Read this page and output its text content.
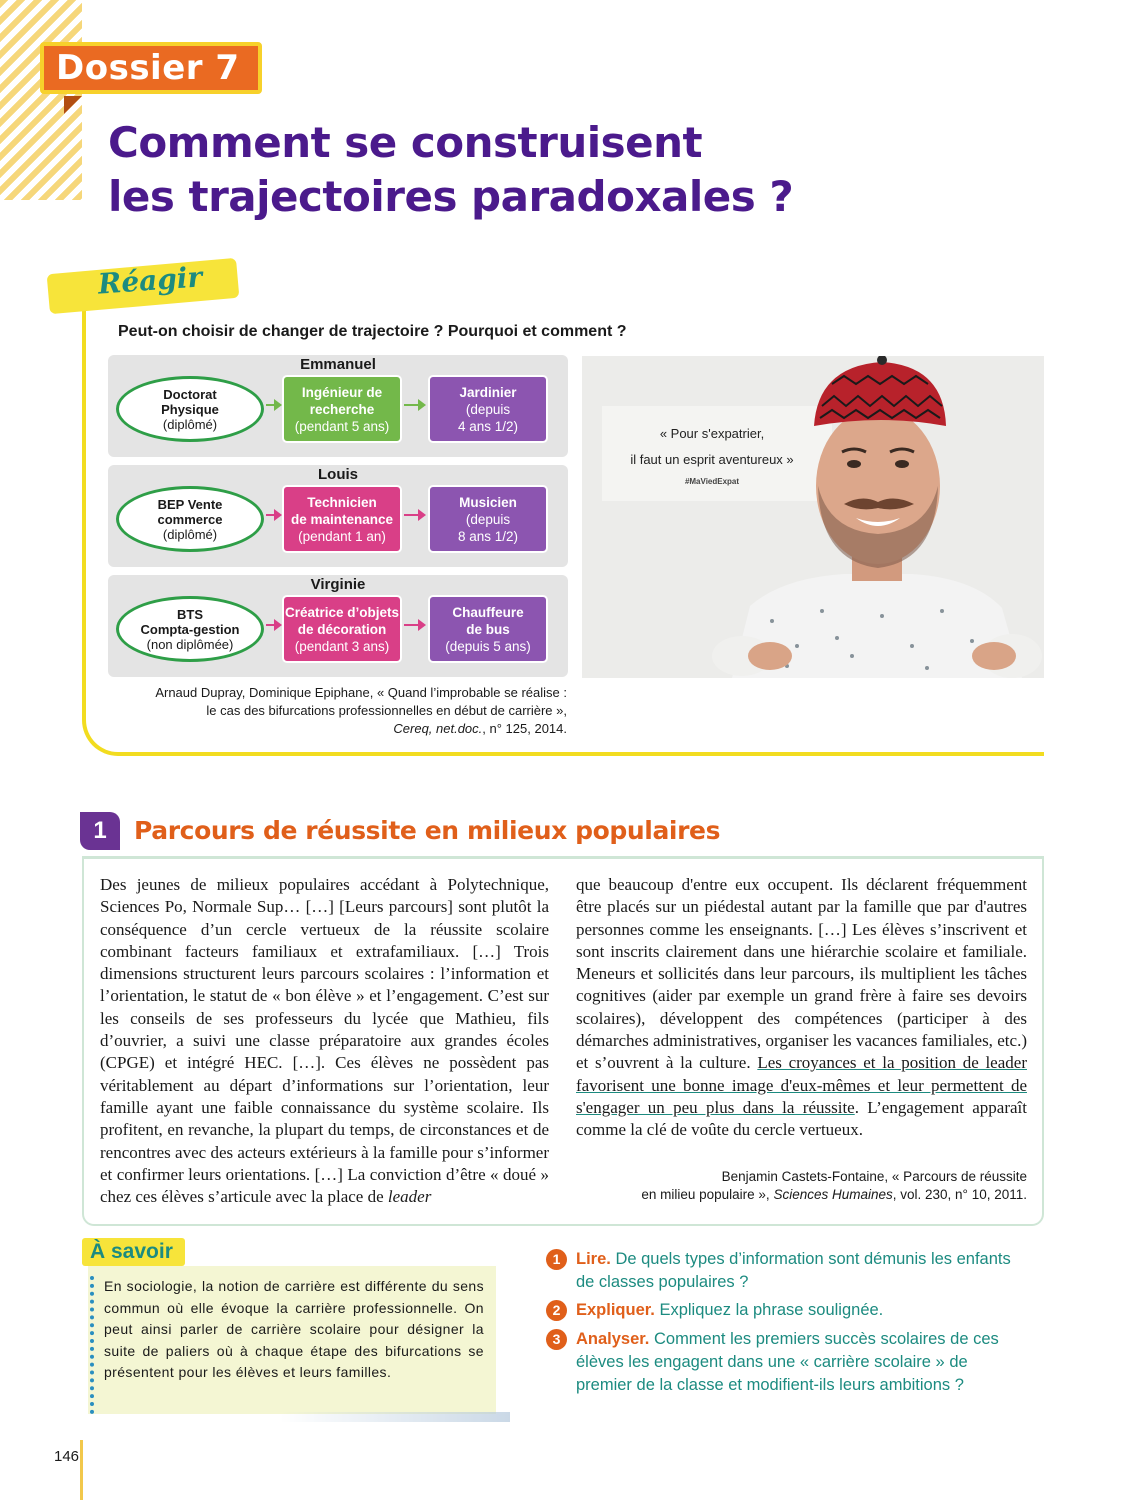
Dossier 7
Comment se construisent
les trajectoires paradoxales ?
Réagir
Peut-on choisir de changer de trajectoire ? Pourquoi et comment ?
Emmanuel
Doctorat
Physique
(diplômé)
Ingénieur de
recherche
(pendant 5 ans)
Jardinier
(depuis
4 ans 1/2)
Louis
BEP Vente
commerce
(diplômé)
Technicien
de maintenance
(pendant 1 an)
Musicien
(depuis
8 ans 1/2)
Virginie
BTS
Compta-gestion
(non diplômée)
Créatrice d’objets
de décoration
(pendant 3 ans)
Chauffeure
de bus
(depuis 5 ans)
Arnaud Dupray, Dominique Epiphane, « Quand l’improbable se réalise :
le cas des bifurcations professionnelles en début de carrière »,
Cereq, net.doc., n° 125, 2014.
« Pour s'expatrier,
il faut un esprit aventureux »
#MaViedExpat
1	Parcours de réussite en milieux populaires
Des jeunes de milieux populaires accédant à Polytechnique, Sciences Po, Normale Sup… […] [Leurs parcours] sont plutôt la conséquence d’un cercle vertueux de la réussite scolaire combinant facteurs familiaux et extrafamiliaux. […] Trois dimensions structurent leurs parcours scolaires : l’information et l’orientation, le statut de « bon élève » et l’engagement. C’est sur les conseils de ses professeurs du lycée que Mathieu, fils d’ouvrier, a suivi une classe préparatoire aux grandes écoles (CPGE) et intégré HEC. […]. Ces élèves ne possèdent pas véritablement au départ d’informations sur l’orientation, leur famille ayant une faible connaissance du système scolaire. Ils profitent, en revanche, la plupart du temps, de circonstances et de rencontres avec des acteurs extérieurs à la famille pour s’informer et confirmer leurs orientations. […] La conviction d’être « doué » chez ces élèves s’articule avec la place de leader
que beaucoup d'entre eux occupent. Ils déclarent fréquemment être placés sur un piédestal autant par la famille que par d'autres personnes comme les enseignants. […] Les élèves s’inscrivent et sont inscrits clairement dans une hiérarchie scolaire et familiale. Meneurs et sollicités dans leur parcours, ils multiplient les tâches cognitives (aider par exemple un grand frère à faire ses devoirs scolaires), développent des compétences (participer à des démarches administratives, organiser les vacances familiales, etc.) et s’ouvrent à la culture. Les croyances et la position de leader favorisent une bonne image d'eux-mêmes et leur permettent de s'engager un peu plus dans la réussite. L’engagement apparaît comme la clé de voûte du cercle vertueux.
Benjamin Castets-Fontaine, « Parcours de réussite
en milieu populaire », Sciences Humaines, vol. 230, n° 10, 2011.
À savoir
En sociologie, la notion de carrière est différente du sens commun où elle évoque la carrière professionnelle. On peut ainsi parler de carrière scolaire pour désigner la suite de paliers où à chaque étape des bifurcations se présentent pour les élèves et leurs familles.
1 Lire. De quels types d’information sont démunis les enfants de classes populaires ?
2 Expliquer. Expliquez la phrase soulignée.
3 Analyser. Comment les premiers succès scolaires de ces élèves les engagent dans une « carrière scolaire » de premier de la classe et modifient-ils leurs ambitions ?
146
